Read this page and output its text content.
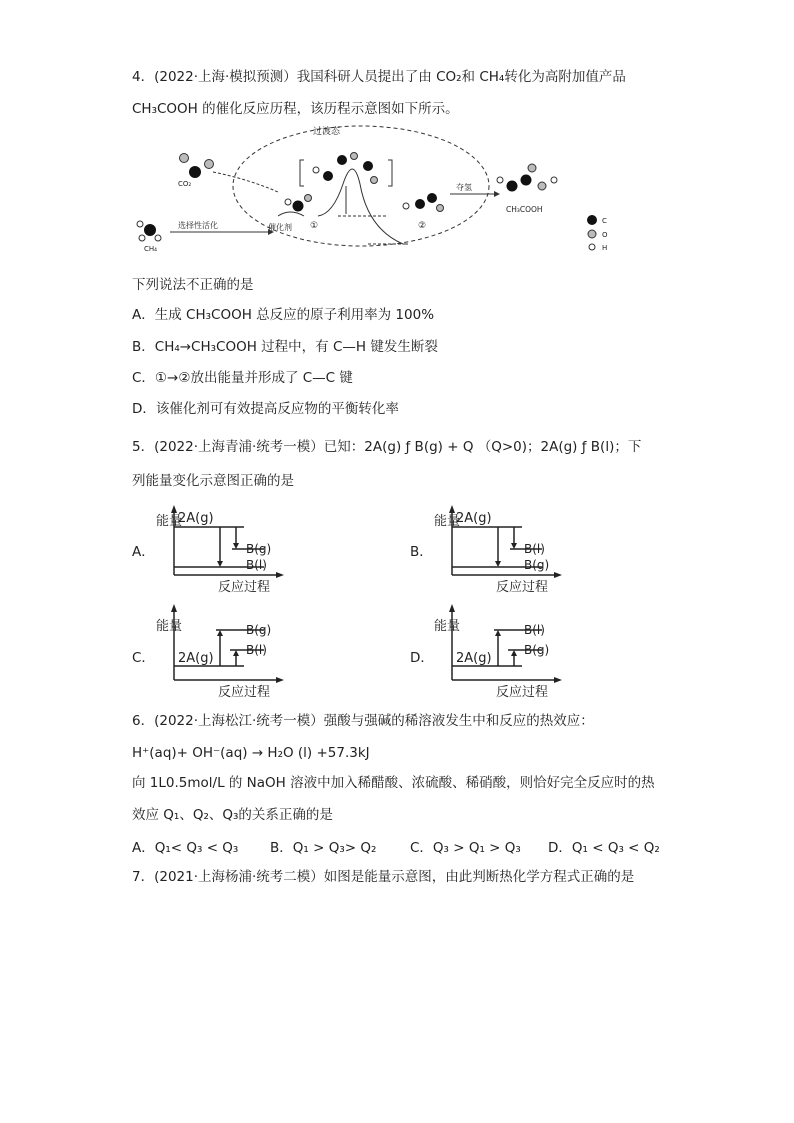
4．(2022·上海·模拟预测）我国科研人员提出了由 CO₂和 CH₄转化为高附加值产品
CH₃COOH 的催化反应历程，该历程示意图如下所示。
过渡态
CO₂
CH₄
选择性活化	催化剂 ①	②
夺氢
CH₃COOH
C
O
H
下列说法不正确的是
A．生成 CH₃COOH 总反应的原子利用率为 100%
B．CH₄→CH₃COOH 过程中，有 C—H 键发生断裂
C．①→②放出能量并形成了 C—C 键
D．该催化剂可有效提高反应物的平衡转化率
5．(2022·上海青浦·统考一模）已知：2A(g) ƒ B(g) + Q （Q>0)；2A(g) ƒ B(l)；下
列能量变化示意图正确的是
A．
能量
2A(g)
B(g)
B(l)
反应过程
B．
能量
2A(g)
B(l)
B(g)
反应过程
C．
能量
2A(g)
B(g)
B(l)
反应过程
D．
能量
2A(g)
B(l)
B(g)
反应过程
6．(2022·上海松江·统考一模）强酸与强碱的稀溶液发生中和反应的热效应：
H⁺(aq)+ OH⁻(aq) → H₂O (l) +57.3kJ
向 1L0.5mol/L 的 NaOH 溶液中加入稀醋酸、浓硫酸、稀硝酸，则恰好完全反应时的热
效应 Q₁、Q₂、Q₃的关系正确的是
A．Q₁< Q₃ < Q₃ B．Q₁ > Q₃> Q₂ C．Q₃ > Q₁ > Q₃ D．Q₁ < Q₃ < Q₂
7．(2021·上海杨浦·统考二模）如图是能量示意图，由此判断热化学方程式正确的是
